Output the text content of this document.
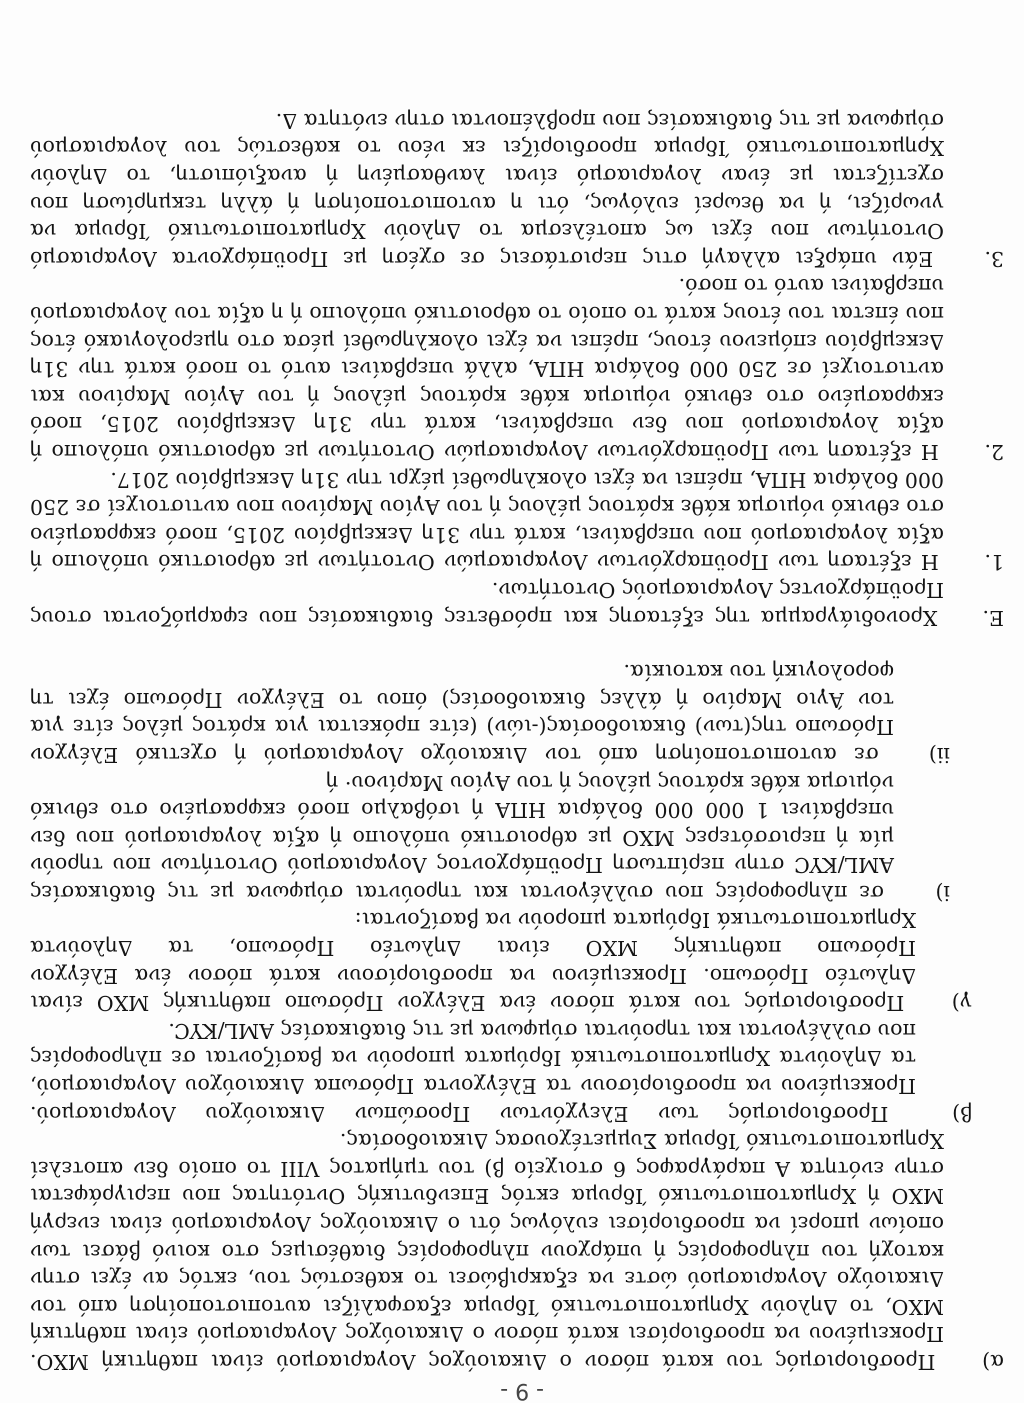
- 9 -

α) Προσδιορισμός του κατά πόσον ο Δικαιούχος Λογαριασμού είναι παθητική ΜΧΟ. Προκειμένου να προσδιορίσει κατά πόσον ο Δικαιούχος Λογαριασμού είναι παθητική ΜΧΟ, το Δηλούν Χρηματοπιστωτικό Ίδρυμα εξασφαλίζει αυτοπιστοποίηση από τον Δικαιούχο Λογαριασμού ώστε να εξακριβώσει το καθεστώς του, εκτός αν έχει στην κατοχή του πληροφορίες ή υπάρχουν πληροφορίες διαθέσιμες στο κοινό βάσει των οποίων μπορεί να προσδιορίσει ευλόγως ότι ο Δικαιούχος Λογαριασμού είναι ενεργή ΜΧΟ ή Χρηματοπιστωτικό Ίδρυμα εκτός Επενδυτικής Οντότητας που περιγράφεται στην ενότητα Α παράγραφος 6 στοιχείο β) του τμήματος VIII το οποίο δεν αποτελεί Χρηματοπιστωτικό Ίδρυμα Συμμετέχουσας Δικαιοδοσίας.

β) Προσδιορισμός των Ελεγχόντων Προσώπων Δικαιούχου Λογαριασμού. Προκειμένου να προσδιορίσουν τα Ελέγχοντα Πρόσωπα Δικαιούχου Λογαριασμού, τα Δηλούντα Χρηματοπιστωτικά Ιδρύματα μπορούν να βασίζονται σε πληροφορίες που συλλέγονται και τηρούνται σύμφωνα με τις διαδικασίες AML/KYC.

γ) Προσδιορισμός του κατά πόσον ένα Ελέγχον Πρόσωπο παθητικής ΜΧΟ είναι Δηλωτέο Πρόσωπο. Προκειμένου να προσδιορίσουν κατά πόσον ένα Ελέγχον Πρόσωπο παθητικής ΜΧΟ είναι Δηλωτέο Πρόσωπο, τα Δηλούντα Χρηματοπιστωτικά Ιδρύματα μπορούν να βασίζονται:

i) σε πληροφορίες που συλλέγονται και τηρούνται σύμφωνα με τις διαδικασίες AML/KYC στην περίπτωση Προϋπάρχοντος Λογαριασμού Οντοτήτων που τηρούν μία ή περισσότερες ΜΧΟ με αθροιστικό υπόλοιπο ή αξία λογαριασμού που δεν υπερβαίνει 1 000 000 δολάρια ΗΠΑ ή ισόβαλμο ποσό εκφρασμένο στο εθνικό νόμισμα κάθε κράτους μέλους ή του Αγίου Μαρίνου· ή

ii) σε αυτοπιστοποίηση από τον Δικαιούχο Λογαριασμού ή σχετικό Ελέγχον Πρόσωπο της(των) δικαιοδοσίας(-ιών) (είτε πρόκειται για κράτος μέλος είτε για τον Άγιο Μαρίνο ή άλλες δικαιοδοσίες) όπου το Ελέγχον Πρόσωπο έχει τη φορολογική του κατοικία.

Ε. Χρονοδιάγραμμα της εξέτασης και πρόσθετες διαδικασίες που εφαρμόζονται στους Προϋπάρχοντες Λογαριασμούς Οντοτήτων.

1. Η εξέταση των Προϋπαρχόντων Λογαριασμών Οντοτήτων με αθροιστικό υπόλοιπο ή αξία λογαριασμού που υπερβαίνει, κατά την 31η Δεκεμβρίου 2015, ποσό εκφρασμένο στο εθνικό νόμισμα κάθε κράτους μέλους ή του Αγίου Μαρίνου που αντιστοιχεί σε 250 000 δολάρια ΗΠΑ, πρέπει να έχει ολοκληρωθεί μέχρι την 31η Δεκεμβρίου 2017.

2. Η εξέταση των Προϋπαρχόντων Λογαριασμών Οντοτήτων με αθροιστικό υπόλοιπο ή αξία λογαριασμού που δεν υπερβαίνει, κατά την 31η Δεκεμβρίου 2015, ποσό εκφρασμένο στο εθνικό νόμισμα κάθε κράτους μέλους ή του Αγίου Μαρίνου και αντιστοιχεί σε 250 000 δολάρια ΗΠΑ, αλλά υπερβαίνει αυτό το ποσό κατά την 31η Δεκεμβρίου επόμενου έτους, πρέπει να έχει ολοκληρωθεί μέσα στο ημερολογιακό έτος που έπεται του έτους κατά το οποίο το αθροιστικό υπόλοιπο ή η αξία του λογαριασμού υπερβαίνει αυτό το ποσό.

3. Εάν υπάρξει αλλαγή στις περιστάσεις σε σχέση με Προϋπάρχοντα Λογαριασμό Οντοτήτων που έχει ως αποτέλεσμα το Δηλούν Χρηματοπιστωτικό Ίδρυμα να γνωρίζει, ή να θεωρεί ευλόγως, ότι η αυτοπιστοποίηση ή άλλη τεκμηρίωση που σχετίζεται με έναν λογαριασμό είναι λανθασμένη ή αναξιόπιστη, το Δηλούν Χρηματοπιστωτικό Ίδρυμα προσδιορίζει εκ νέου το καθεστώς του λογαριασμού σύμφωνα με τις διαδικασίες που προβλέπονται στην ενότητα Δ.
